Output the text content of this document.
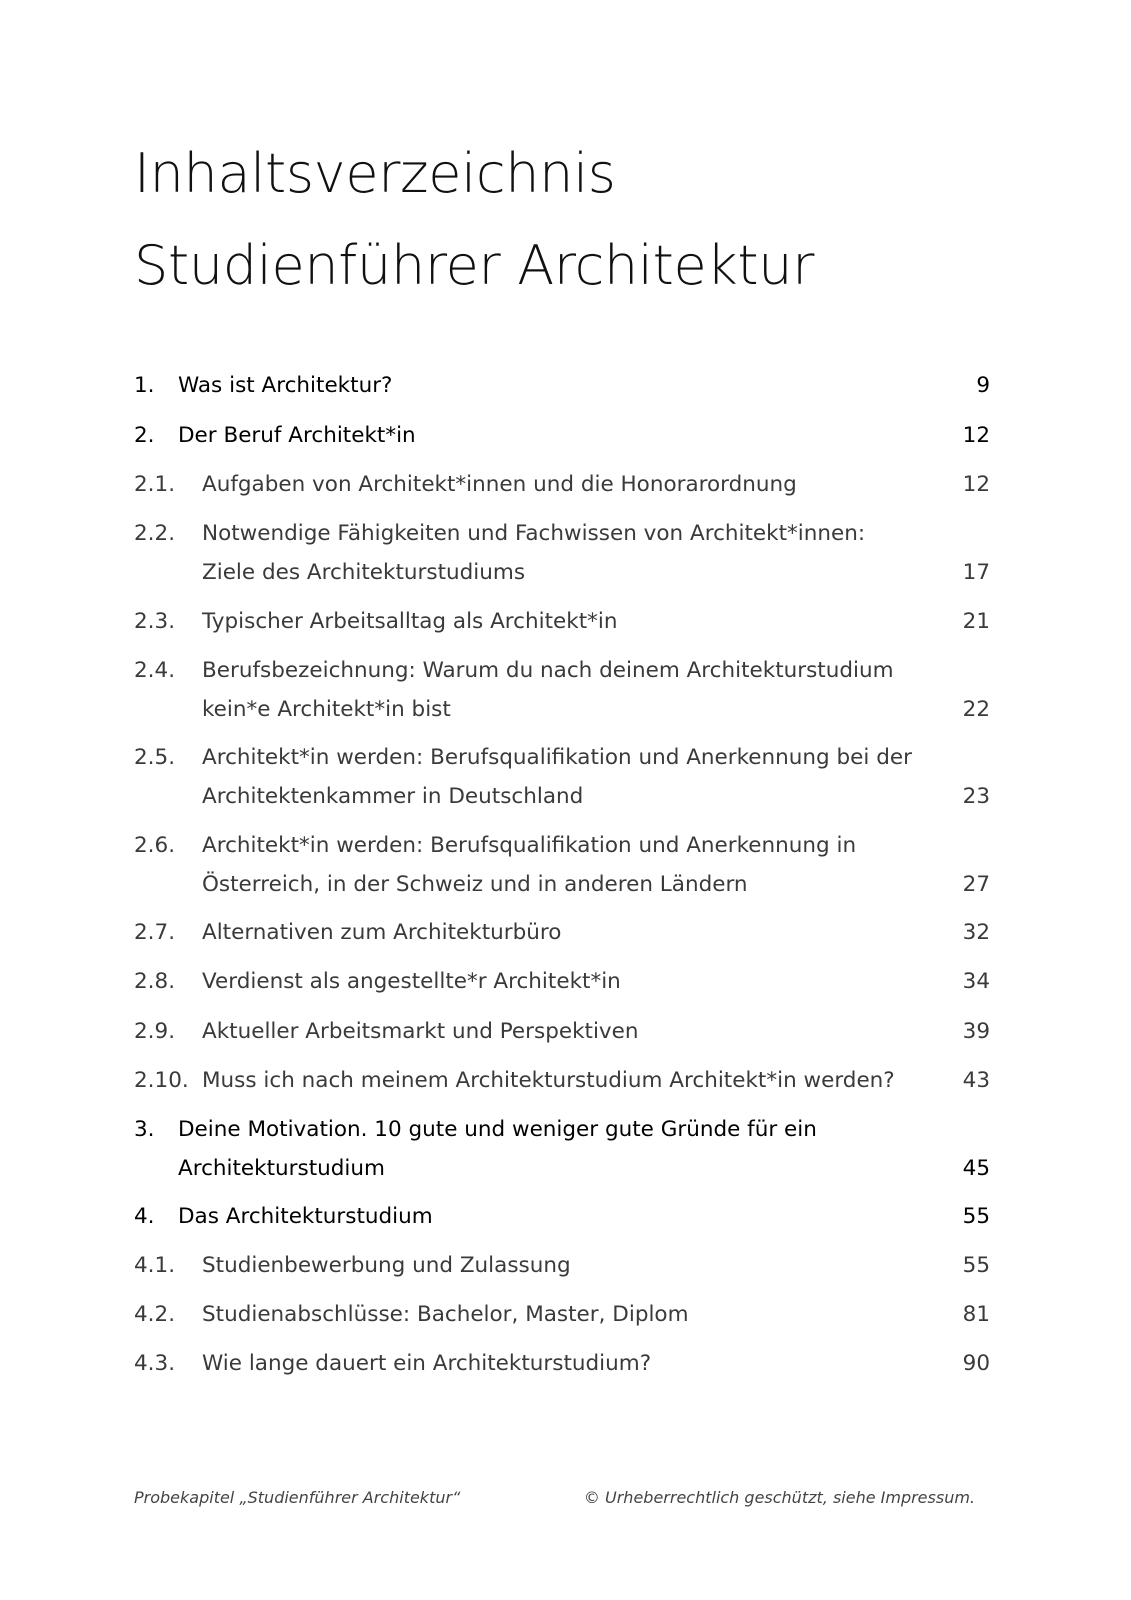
Inhaltsverzeichnis
Studienführer Architektur
1. Was ist Architektur?	9
2. Der Beruf Architekt*in	12
2.1. Aufgaben von Architekt*innen und die Honorarordnung	12
2.2. Notwendige Fähigkeiten und Fachwissen von Architekt*innen: Ziele des Architekturstudiums	17
2.3. Typischer Arbeitsalltag als Architekt*in	21
2.4. Berufsbezeichnung: Warum du nach deinem Architekturstudium kein*e Architekt*in bist	22
2.5. Architekt*in werden: Berufsqualifikation und Anerkennung bei der Architektenkammer in Deutschland	23
2.6. Architekt*in werden: Berufsqualifikation und Anerkennung in Österreich, in der Schweiz und in anderen Ländern	27
2.7. Alternativen zum Architekturbüro	32
2.8. Verdienst als angestellte*r Architekt*in	34
2.9. Aktueller Arbeitsmarkt und Perspektiven	39
2.10. Muss ich nach meinem Architekturstudium Architekt*in werden?	43
3. Deine Motivation. 10 gute und weniger gute Gründe für ein Architekturstudium	45
4. Das Architekturstudium	55
4.1. Studienbewerbung und Zulassung	55
4.2. Studienabschlüsse: Bachelor, Master, Diplom	81
4.3. Wie lange dauert ein Architekturstudium?	90
Probekapitel „Studienführer Architektur“	© Urheberrechtlich geschützt, siehe Impressum.
